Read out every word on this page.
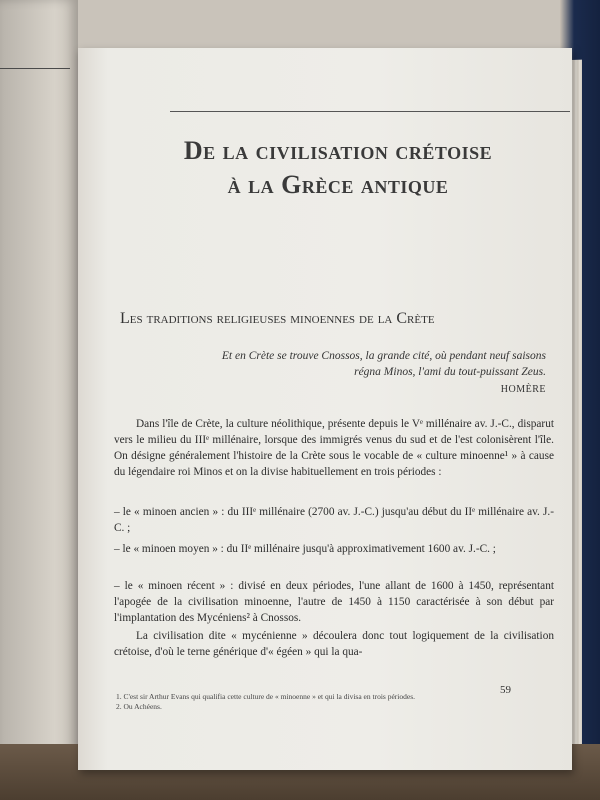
De la civilisation crétoise
à la Grèce antique
Les traditions religieuses minoennes de la Crète
Et en Crète se trouve Cnossos, la grande cité, où pendant neuf saisons
régna Minos, l'ami du tout-puissant Zeus.
HOMÈRE

Dans l'île de Crète, la culture néolithique, présente depuis le Vᵉ millénaire av. J.-C., disparut vers le milieu du IIIᵉ millénaire, lorsque des immigrés venus du sud et de l'est colonisèrent l'île. On désigne généralement l'histoire de la Crète sous le vocable de « culture minoenne¹ » à cause du légendaire roi Minos et on la divise habituellement en trois périodes :

– le « minoen ancien » : du IIIᵉ millénaire (2700 av. J.-C.) jusqu'au début du IIᵉ millénaire av. J.-C. ;

– le « minoen moyen » : du IIᵉ millénaire jusqu'à approximativement 1600 av. J.-C. ;

– le « minoen récent » : divisé en deux périodes, l'une allant de 1600 à 1450, représentant l'apogée de la civilisation minoenne, l'autre de 1450 à 1150 caractérisée à son début par l'implantation des Mycéniens² à Cnossos.

La civilisation dite « mycénienne » découlera donc tout logiquement de la civilisation crétoise, d'où le terne générique d'« égéen » qui la qua-

1. C'est sir Arthur Evans qui qualifia cette culture de « minoenne » et qui la divisa en trois périodes.
2. Ou Achéens.
59
